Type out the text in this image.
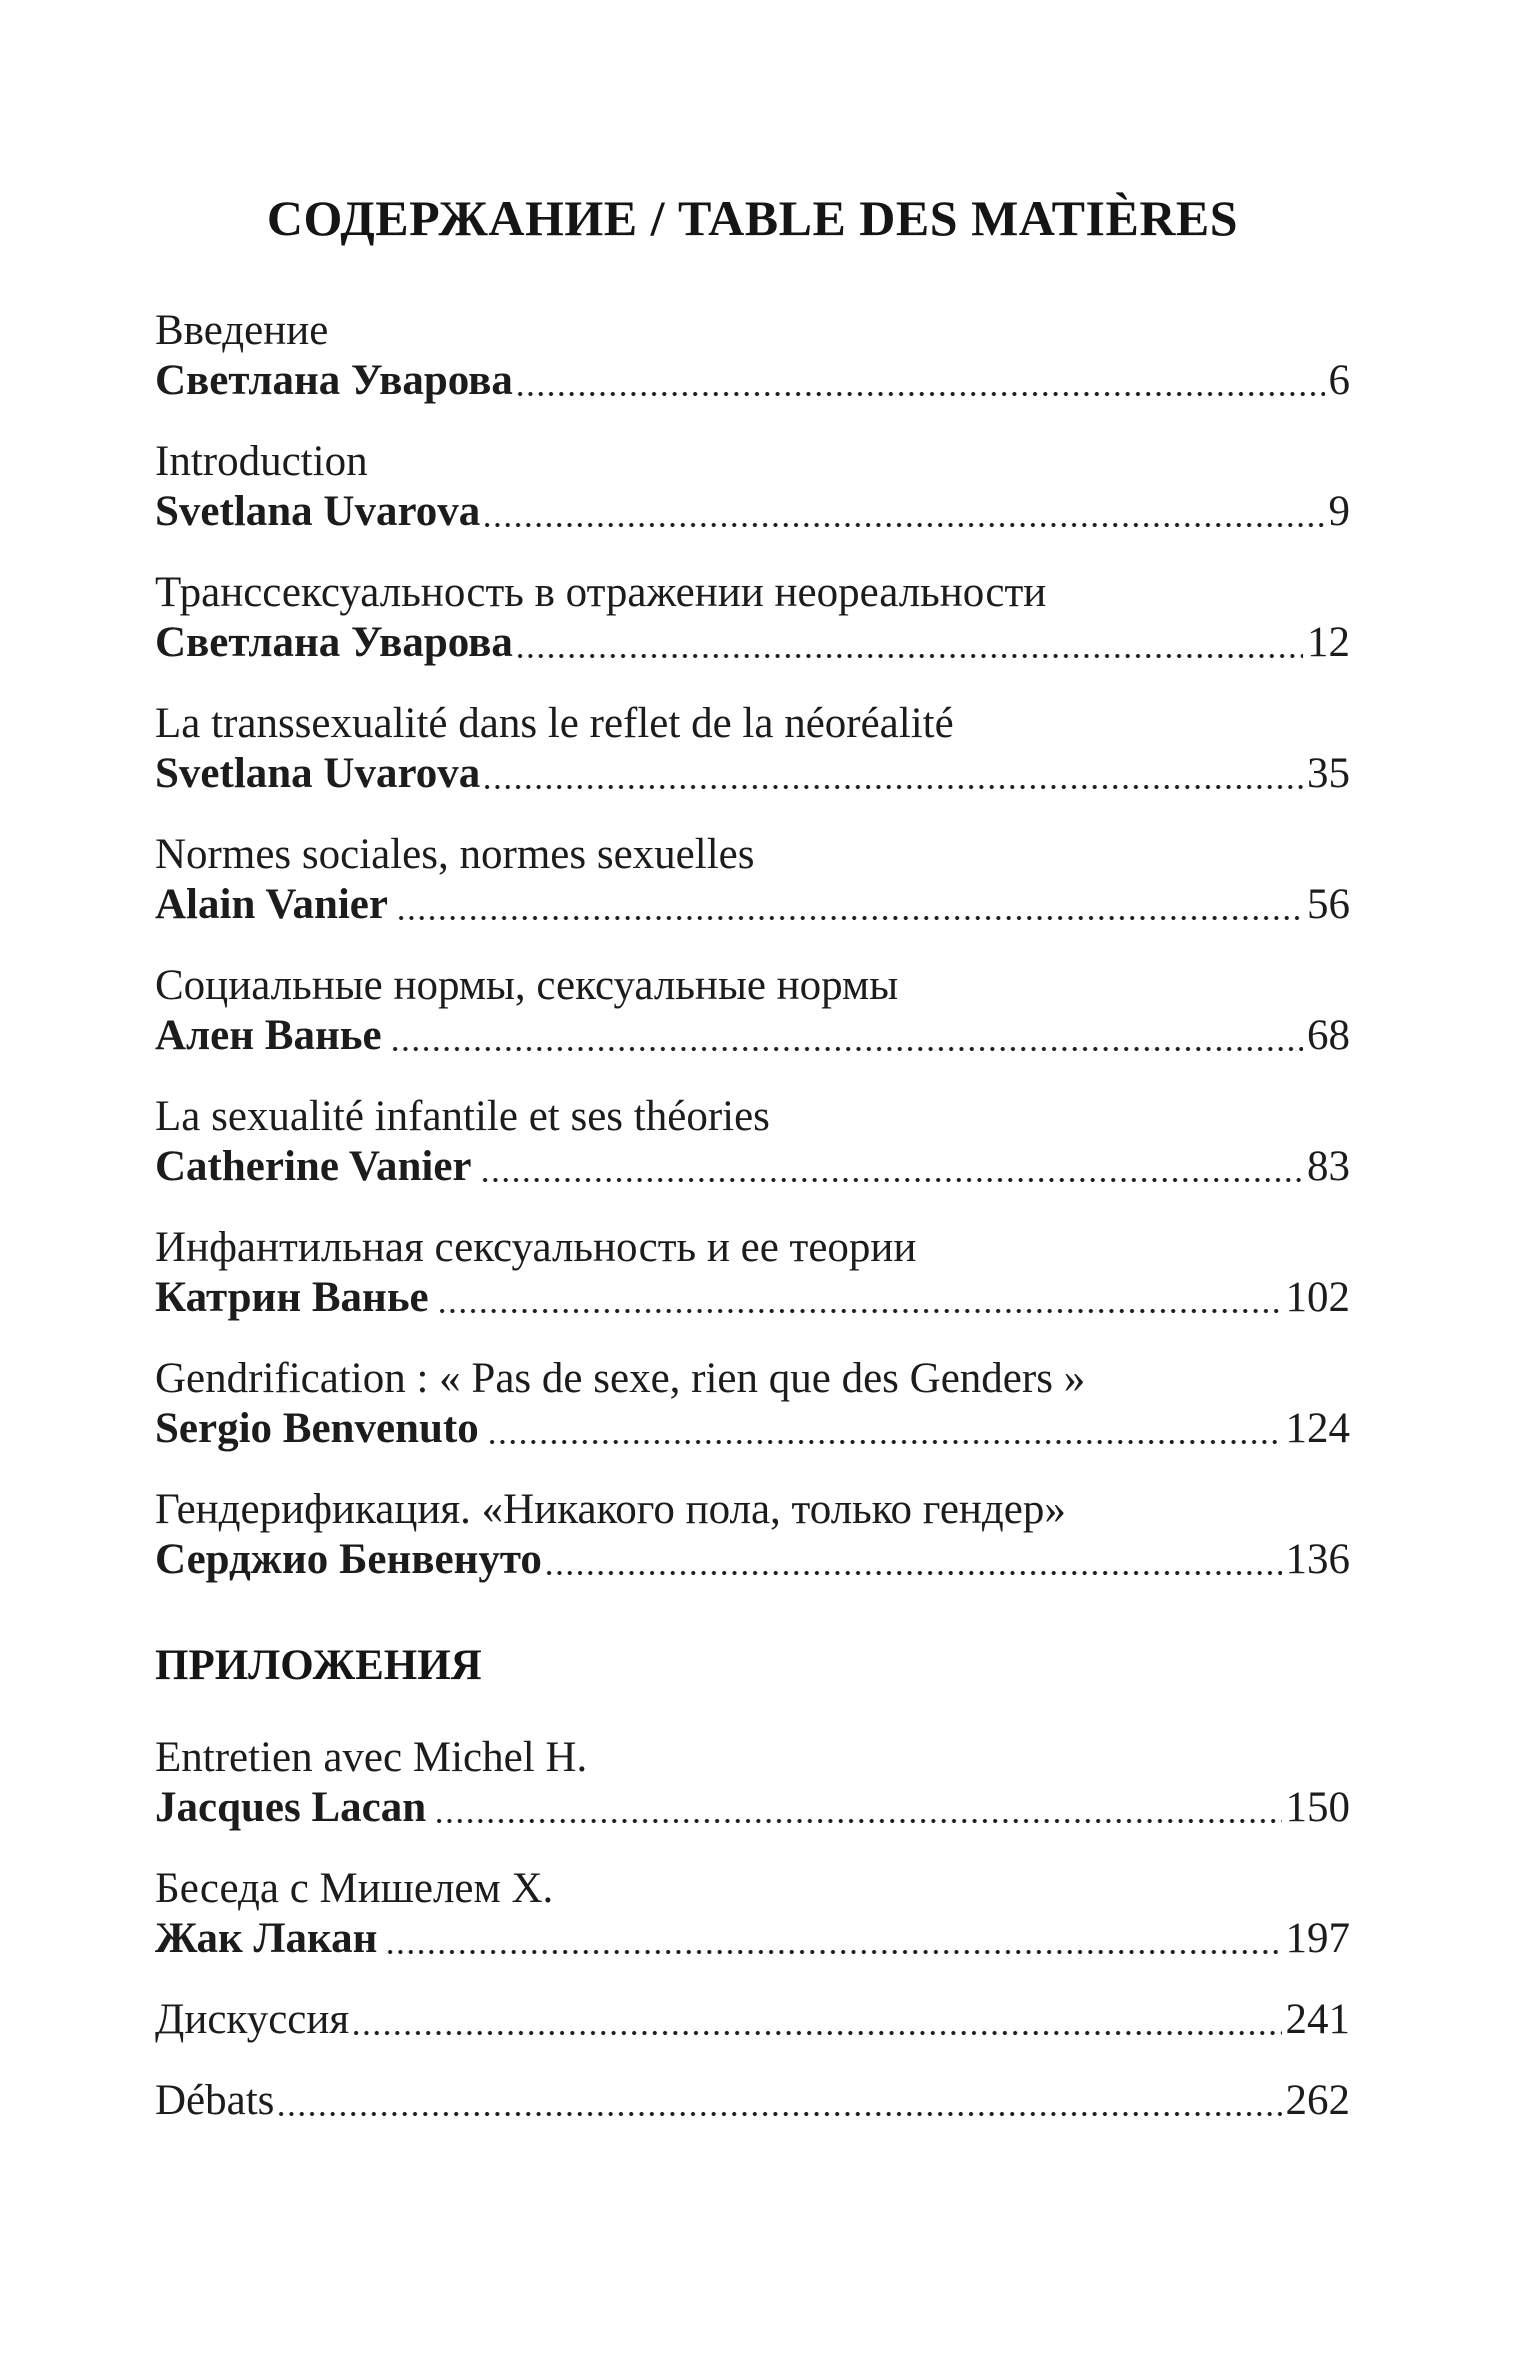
СОДЕРЖАНИЕ / TABLE DES MATIÈRES
Введение
Светлана Уварова	6
Introduction
Svetlana Uvarova	9
Транссексуальность в отражении неореальности
Светлана Уварова	12
La transsexualité dans le reflet de la néoréalité
Svetlana Uvarova	35
Normes sociales, normes sexuelles
Alain Vanier	56
Социальные нормы, сексуальные нормы
Ален Ванье	68
La sexualité infantile et ses théories
Catherine Vanier	83
Инфантильная сексуальность и ее теории
Катрин Ванье	102
Gendrification : « Pas de sexe, rien que des Genders »
Sergio Benvenuto	124
Гендерификация. «Никакого пола, только гендер»
Серджио Бенвенуто	136
ПРИЛОЖЕНИЯ
Entretien avec Michel H.
Jacques Lacan	150
Беседа с Мишелем Х.
Жак Лакан	197
Дискуссия	241
Débats	262
